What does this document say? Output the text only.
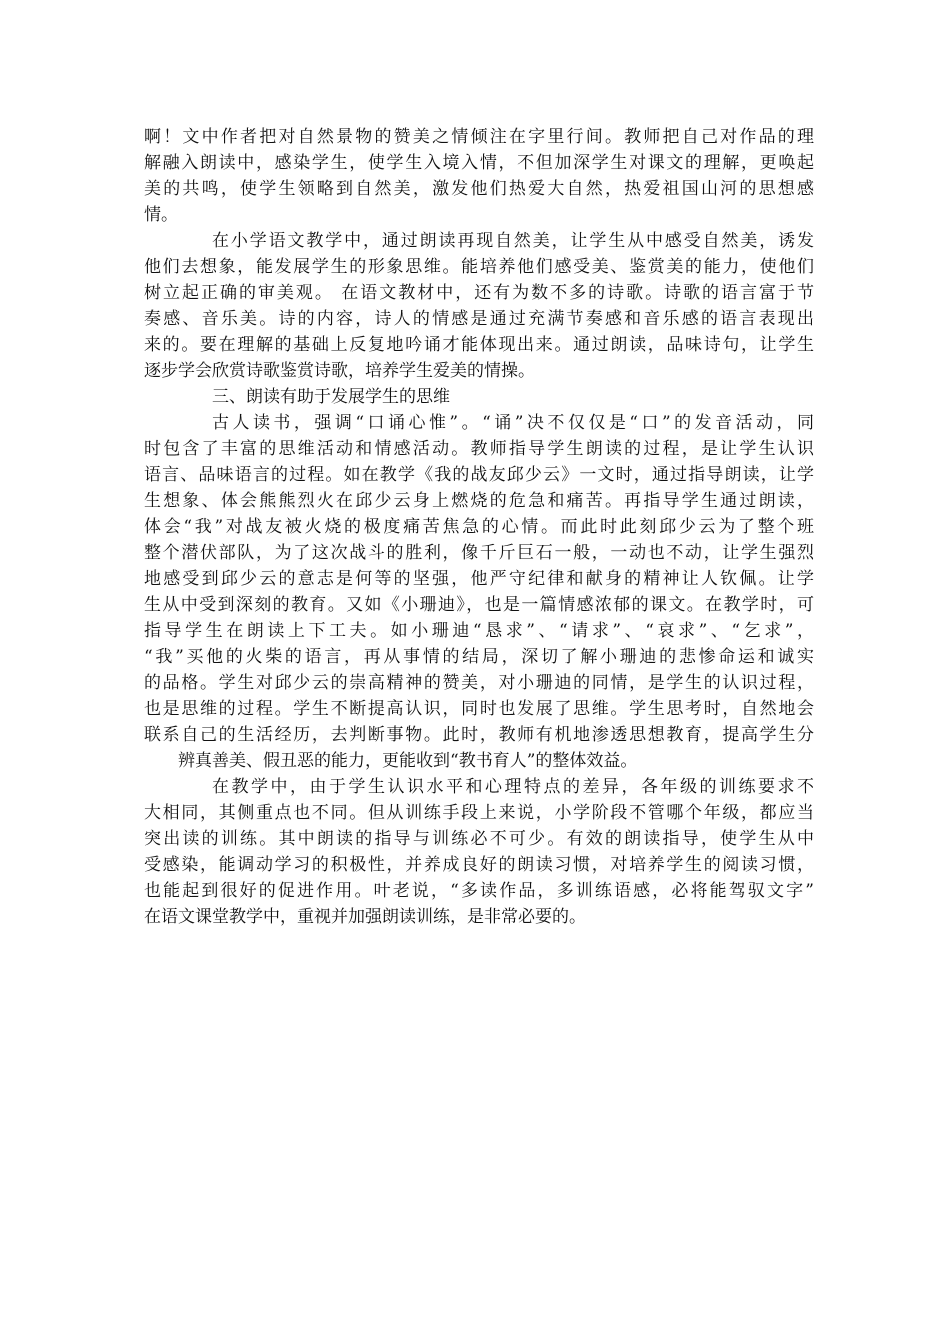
啊！文中作者把对自然景物的赞美之情倾注在字里行间。教师把自己对作品的理
解融入朗读中，感染学生，使学生入境入情，不但加深学生对课文的理解，更唤起
美的共鸣，使学生领略到自然美，激发他们热爱大自然，热爱祖国山河的思想感
情。
在小学语文教学中，通过朗读再现自然美，让学生从中感受自然美，诱发
他们去想象，能发展学生的形象思维。能培养他们感受美、鉴赏美的能力，使他们
树立起正确的审美观。 在语文教材中，还有为数不多的诗歌。诗歌的语言富于节
奏感、音乐美。诗的内容，诗人的情感是通过充满节奏感和音乐感的语言表现出
来的。要在理解的基础上反复地吟诵才能体现出来。通过朗读，品味诗句，让学生
逐步学会欣赏诗歌鉴赏诗歌，培养学生爱美的情操。
三、朗读有助于发展学生的思维
古人读书，强调“口诵心惟”。“诵”决不仅仅是“口”的发音活动，同
时包含了丰富的思维活动和情感活动。教师指导学生朗读的过程，是让学生认识
语言、品味语言的过程。如在教学《我的战友邱少云》一文时，通过指导朗读，让学
生想象、体会熊熊烈火在邱少云身上燃烧的危急和痛苦。再指导学生通过朗读，
体会“我”对战友被火烧的极度痛苦焦急的心情。而此时此刻邱少云为了整个班
整个潜伏部队，为了这次战斗的胜利，像千斤巨石一般，一动也不动，让学生强烈
地感受到邱少云的意志是何等的坚强，他严守纪律和献身的精神让人钦佩。让学
生从中受到深刻的教育。又如《小珊迪》，也是一篇情感浓郁的课文。在教学时，可
指导学生在朗读上下工夫。如小珊迪“恳求”、“请求”、“哀求”、“乞求”，
“我”买他的火柴的语言，再从事情的结局，深切了解小珊迪的悲惨命运和诚实
的品格。学生对邱少云的崇高精神的赞美，对小珊迪的同情，是学生的认识过程，
也是思维的过程。学生不断提高认识，同时也发展了思维。学生思考时，自然地会
联系自己的生活经历，去判断事物。此时，教师有机地渗透思想教育，提高学生分
辨真善美、假丑恶的能力，更能收到“教书育人”的整体效益。
在教学中，由于学生认识水平和心理特点的差异，各年级的训练要求不
大相同，其侧重点也不同。但从训练手段上来说，小学阶段不管哪个年级，都应当
突出读的训练。其中朗读的指导与训练必不可少。有效的朗读指导，使学生从中
受感染，能调动学习的积极性，并养成良好的朗读习惯，对培养学生的阅读习惯，
也能起到很好的促进作用。叶老说，“多读作品，多训练语感，必将能驾驭文字”
在语文课堂教学中，重视并加强朗读训练，是非常必要的。
